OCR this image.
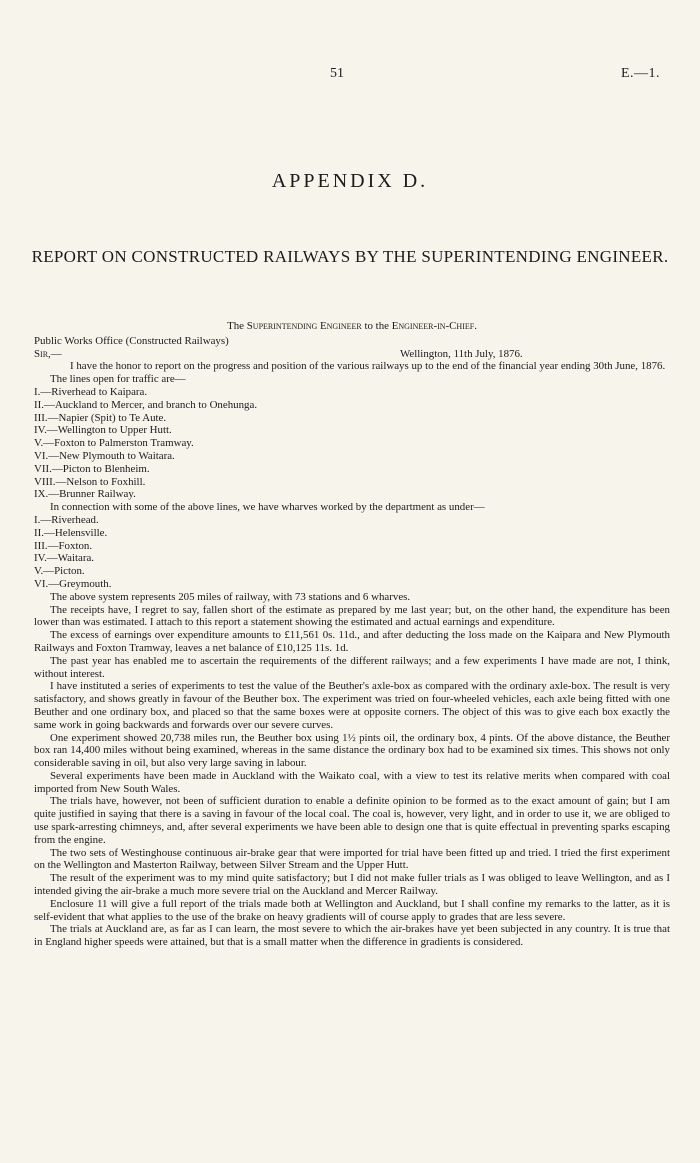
51	E.—1.
APPENDIX D.
REPORT ON CONSTRUCTED RAILWAYS BY THE SUPERINTENDING ENGINEER.

The Superintending Engineer to the Engineer-in-Chief.

Public Works Office (Constructed Railways)

Sir,—	Wellington, 11th July, 1876.

I have the honor to report on the progress and position of the various railways up to the end of the financial year ending 30th June, 1876.

The lines open for traffic are—

I.—Riverhead to Kaipara.

II.—Auckland to Mercer, and branch to Onehunga.

III.—Napier (Spit) to Te Aute.

IV.—Wellington to Upper Hutt.

V.—Foxton to Palmerston Tramway.

VI.—New Plymouth to Waitara.

VII.—Picton to Blenheim.

VIII.—Nelson to Foxhill.

IX.—Brunner Railway.

In connection with some of the above lines, we have wharves worked by the department as under—

I.—Riverhead.

II.—Helensville.

III.—Foxton.

IV.—Waitara.

V.—Picton.

VI.—Greymouth.

The above system represents 205 miles of railway, with 73 stations and 6 wharves.

The receipts have, I regret to say, fallen short of the estimate as prepared by me last year; but, on the other hand, the expenditure has been lower than was estimated. I attach to this report a statement showing the estimated and actual earnings and expenditure.

The excess of earnings over expenditure amounts to £11,561 0s. 11d., and after deducting the loss made on the Kaipara and New Plymouth Railways and Foxton Tramway, leaves a net balance of £10,125 11s. 1d.

The past year has enabled me to ascertain the requirements of the different railways; and a few experiments I have made are not, I think, without interest.

I have instituted a series of experiments to test the value of the Beuther's axle-box as compared with the ordinary axle-box. The result is very satisfactory, and shows greatly in favour of the Beuther box. The experiment was tried on four-wheeled vehicles, each axle being fitted with one Beuther and one ordinary box, and placed so that the same boxes were at opposite corners. The object of this was to give each box exactly the same work in going backwards and forwards over our severe curves.

One experiment showed 20,738 miles run, the Beuther box using 1½ pints oil, the ordinary box, 4 pints. Of the above distance, the Beuther box ran 14,400 miles without being examined, whereas in the same distance the ordinary box had to be examined six times. This shows not only considerable saving in oil, but also very large saving in labour.

Several experiments have been made in Auckland with the Waikato coal, with a view to test its relative merits when compared with coal imported from New South Wales.

The trials have, however, not been of sufficient duration to enable a definite opinion to be formed as to the exact amount of gain; but I am quite justified in saying that there is a saving in favour of the local coal. The coal is, however, very light, and in order to use it, we are obliged to use spark-arresting chimneys, and, after several experiments we have been able to design one that is quite effectual in preventing sparks escaping from the engine.

The two sets of Westinghouse continuous air-brake gear that were imported for trial have been fitted up and tried. I tried the first experiment on the Wellington and Masterton Railway, between Silver Stream and the Upper Hutt.

The result of the experiment was to my mind quite satisfactory; but I did not make fuller trials as I was obliged to leave Wellington, and as I intended giving the air-brake a much more severe trial on the Auckland and Mercer Railway.

Enclosure 11 will give a full report of the trials made both at Wellington and Auckland, but I shall confine my remarks to the latter, as it is self-evident that what applies to the use of the brake on heavy gradients will of course apply to grades that are less severe.

The trials at Auckland are, as far as I can learn, the most severe to which the air-brakes have yet been subjected in any country. It is true that in England higher speeds were attained, but that is a small matter when the difference in gradients is considered.
